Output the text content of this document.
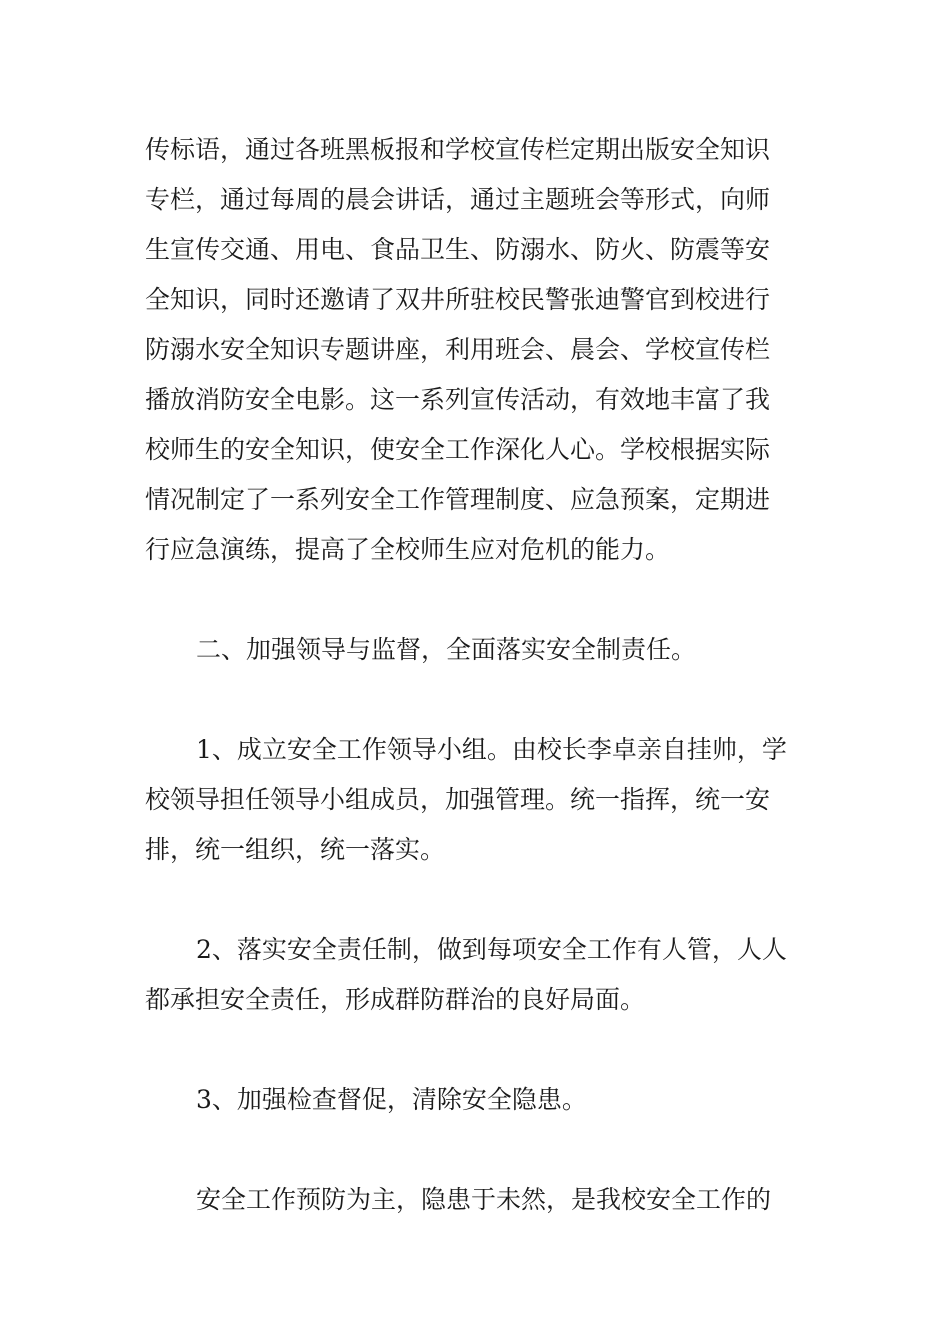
传标语，通过各班黑板报和学校宣传栏定期出版安全知识
专栏，通过每周的晨会讲话，通过主题班会等形式，向师
生宣传交通、用电、食品卫生、防溺水、防火、防震等安
全知识，同时还邀请了双井所驻校民警张迪警官到校进行
防溺水安全知识专题讲座，利用班会、晨会、学校宣传栏
播放消防安全电影。这一系列宣传活动，有效地丰富了我
校师生的安全知识，使安全工作深化人心。学校根据实际
情况制定了一系列安全工作管理制度、应急预案，定期进
行应急演练，提高了全校师生应对危机的能力。
二、加强领导与监督，全面落实安全制责任。
1、成立安全工作领导小组。由校长李卓亲自挂帅，学
校领导担任领导小组成员，加强管理。统一指挥，统一安
排，统一组织，统一落实。
2、落实安全责任制，做到每项安全工作有人管，人人
都承担安全责任，形成群防群治的良好局面。
3、加强检查督促，清除安全隐患。
安全工作预防为主，隐患于未然，是我校安全工作的
